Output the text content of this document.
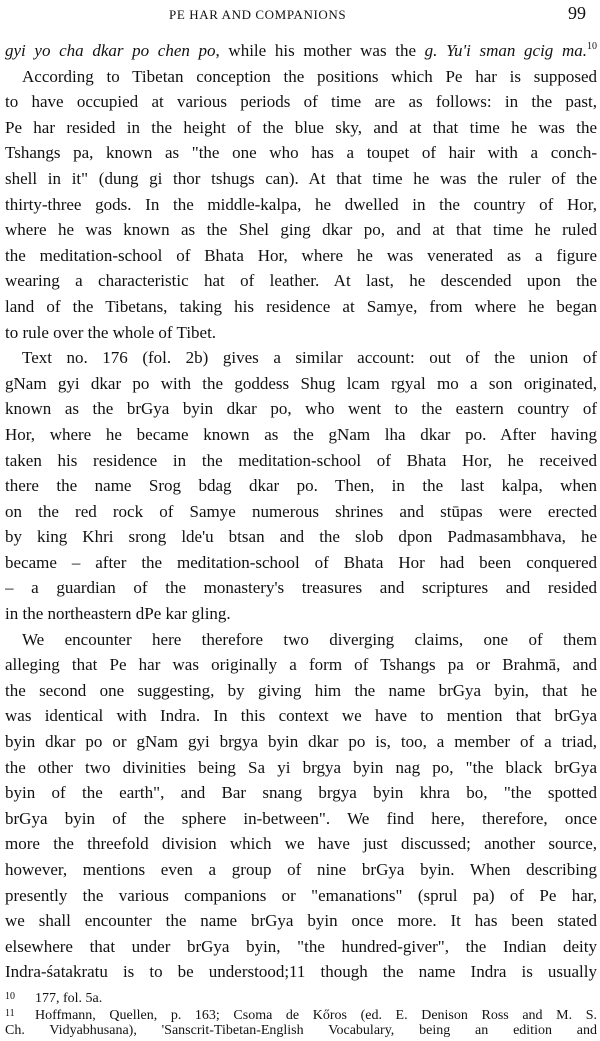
PE HAR AND COMPANIONS	99
gyi yo cha dkar po chen po, while his mother was the g. Yu'i sman gcig ma.$^{10}$
According to Tibetan conception the positions which Pe har is supposed
to have occupied at various periods of time are as follows: in the past,
Pe har resided in the height of the blue sky, and at that time he was the
Tshangs pa, known as "the one who has a toupet of hair with a conch-
shell in it" (dung gi thor tshugs can). At that time he was the ruler of the
thirty-three gods. In the middle-kalpa, he dwelled in the country of Hor,
where he was known as the Shel ging dkar po, and at that time he ruled
the meditation-school of Bhata Hor, where he was venerated as a figure
wearing a characteristic hat of leather. At last, he descended upon the
land of the Tibetans, taking his residence at Samye, from where he began
to rule over the whole of Tibet.
Text no. 176 (fol. 2b) gives a similar account: out of the union of
gNam gyi dkar po with the goddess Shug lcam rgyal mo a son originated,
known as the brGya byin dkar po, who went to the eastern country of
Hor, where he became known as the gNam lha dkar po. After having
taken his residence in the meditation-school of Bhata Hor, he received
there the name Srog bdag dkar po. Then, in the last kalpa, when
on the red rock of Samye numerous shrines and stūpas were erected
by king Khri srong lde'u btsan and the slob dpon Padmasambhava, he
became – after the meditation-school of Bhata Hor had been conquered
– a guardian of the monastery's treasures and scriptures and resided
in the northeastern dPe kar gling.
We encounter here therefore two diverging claims, one of them
alleging that Pe har was originally a form of Tshangs pa or Brahmā, and
the second one suggesting, by giving him the name brGya byin, that he
was identical with Indra. In this context we have to mention that brGya
byin dkar po or gNam gyi brgya byin dkar po is, too, a member of a triad,
the other two divinities being Sa yi brgya byin nag po, "the black brGya
byin of the earth", and Bar snang brgya byin khra bo, "the spotted
brGya byin of the sphere in-between". We find here, therefore, once
more the threefold division which we have just discussed; another source,
however, mentions even a group of nine brGya byin. When describing
presently the various companions or "emanations" (sprul pa) of Pe har,
we shall encounter the name brGya byin once more. It has been stated
elsewhere that under brGya byin, "the hundred-giver", the Indian deity
Indra-śatakratu is to be understood;11 though the name Indra is usually
10 177, fol. 5a.
11 Hoffmann, Quellen, p. 163; Csoma de Kőros (ed. E. Denison Ross and M. S.
Ch. Vidyabhusana), 'Sanscrit-Tibetan-English Vocabulary, being an edition and
